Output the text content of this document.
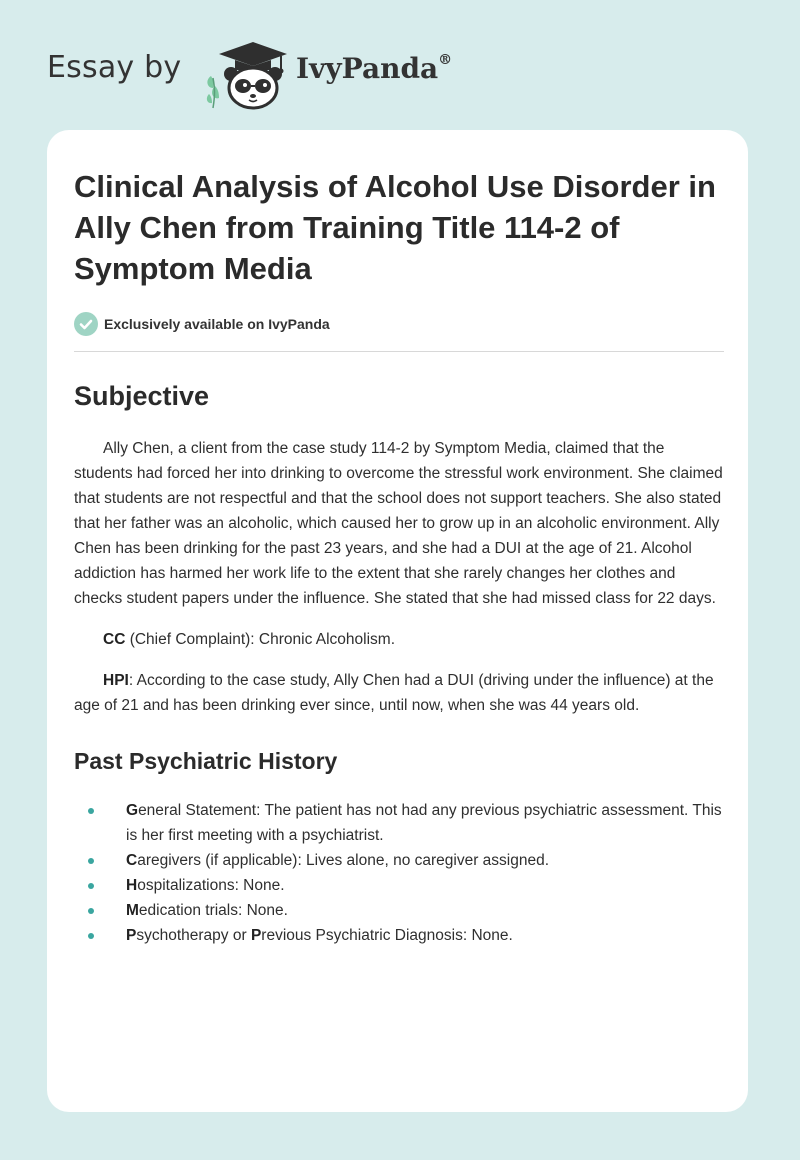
Essay by	IvyPanda®
Clinical Analysis of Alcohol Use Disorder in Ally Chen from Training Title 114-2 of Symptom Media
Exclusively available on IvyPanda
Subjective

Ally Chen, a client from the case study 114-2 by Symptom Media, claimed that the students had forced her into drinking to overcome the stressful work environment. She claimed that students are not respectful and that the school does not support teachers. She also stated that her father was an alcoholic, which caused her to grow up in an alcoholic environment. Ally Chen has been drinking for the past 23 years, and she had a DUI at the age of 21. Alcohol addiction has harmed her work life to the extent that she rarely changes her clothes and checks student papers under the influence. She stated that she had missed class for 22 days.

CC (Chief Complaint): Chronic Alcoholism.

HPI: According to the case study, Ally Chen had a DUI (driving under the influence) at the age of 21 and has been drinking ever since, until now, when she was 44 years old.

Past Psychiatric History
General Statement: The patient has not had any previous psychiatric assessment. This is her first meeting with a psychiatrist.
Caregivers (if applicable): Lives alone, no caregiver assigned.
Hospitalizations: None.
Medication trials: None.
Psychotherapy or Previous Psychiatric Diagnosis: None.
